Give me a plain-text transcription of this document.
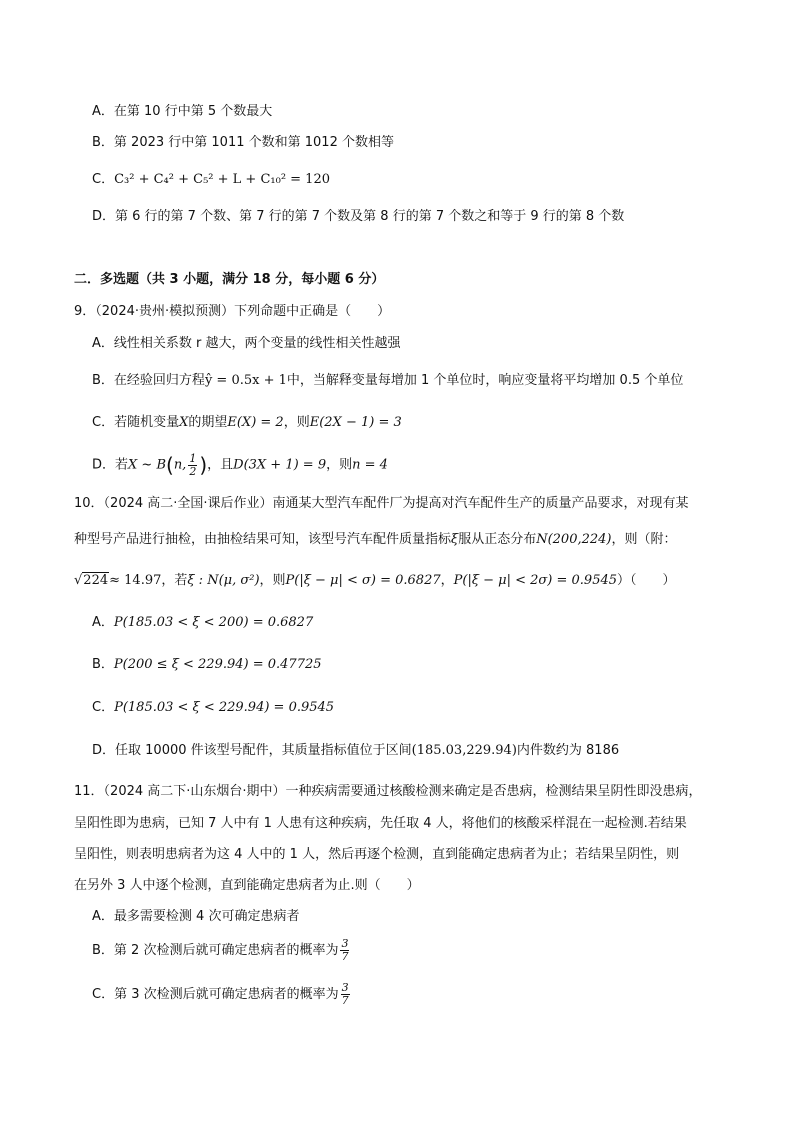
A．在第 10 行中第 5 个数最大
B．第 2023 行中第 1011 个数和第 1012 个数相等
C．C₃² + C₄² + C₅² + L + C₁₀² = 120
D．第 6 行的第 7 个数、第 7 行的第 7 个数及第 8 行的第 7 个数之和等于 9 行的第 8 个数
二．多选题（共 3 小题，满分 18 分，每小题 6 分）
9．（2024·贵州·模拟预测）下列命题中正确是（　　）
A．线性相关系数 r 越大，两个变量的线性相关性越强
B．在经验回归方程ŷ = 0.5x + 1中，当解释变量每增加 1 个单位时，响应变量将平均增加 0.5 个单位
C．若随机变量X的期望E(X) = 2，则E(2X − 1) = 3
D．若X ~ B(n, $\frac{1}{2}$ )，且D(3X + 1) = 9，则n = 4
10．（2024 高二·全国·课后作业）南通某大型汽车配件厂为提高对汽车配件生产的质量产品要求，对现有某
种型号产品进行抽检，由抽检结果可知，该型号汽车配件质量指标ξ服从正态分布N(200,224)，则（附：
√224≈ 14.97，若ξ : N(μ, σ²)，则P(|ξ − μ| < σ) = 0.6827，P(|ξ − μ| < 2σ) = 0.9545）（　　）
A．P(185.03 < ξ < 200) = 0.6827
B．P(200 ≤ ξ < 229.94) = 0.47725
C．P(185.03 < ξ < 229.94) = 0.9545
D．任取 10000 件该型号配件，其质量指标值位于区间(185.03,229.94)内件数约为 8186
11．（2024 高二下·山东烟台·期中）一种疾病需要通过核酸检测来确定是否患病，检测结果呈阴性即没患病，
呈阳性即为患病，已知 7 人中有 1 人患有这种疾病，先任取 4 人，将他们的核酸采样混在一起检测.若结果
呈阳性，则表明患病者为这 4 人中的 1 人，然后再逐个检测，直到能确定患病者为止；若结果呈阴性，则
在另外 3 人中逐个检测，直到能确定患病者为止.则（　　）
A．最多需要检测 4 次可确定患病者
B．第 2 次检测后就可确定患病者的概率为 $\frac{3}{7}$
C．第 3 次检测后就可确定患病者的概率为 $\frac{3}{7}$
